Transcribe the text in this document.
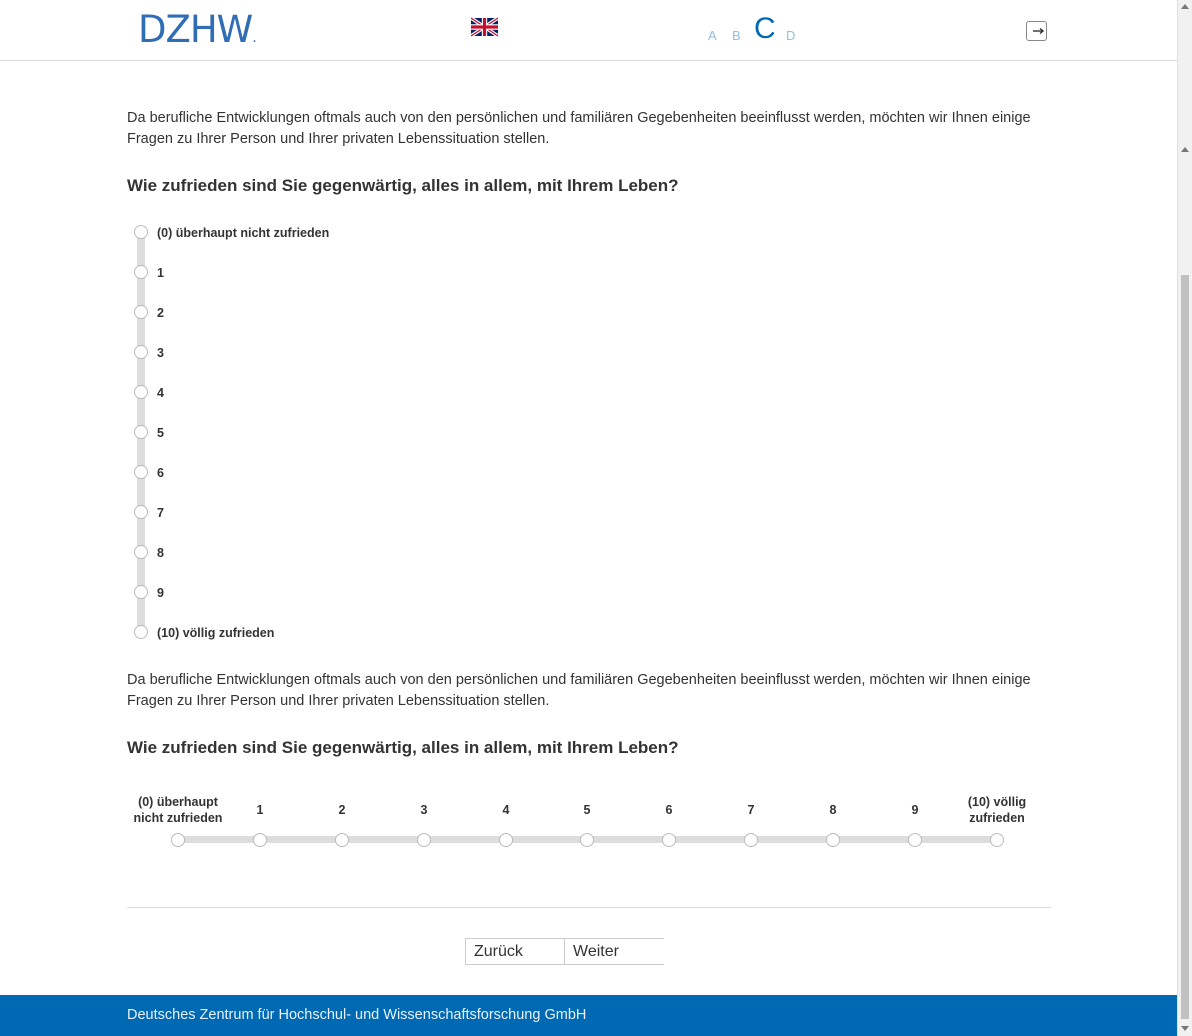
DZHW.	A B C D
Da berufliche Entwicklungen oftmals auch von den persönlichen und familiären Gegebenheiten beeinflusst werden, möchten wir Ihnen einige Fragen zu Ihrer Person und Ihrer privaten Lebenssituation stellen.
Wie zufrieden sind Sie gegenwärtig, alles in allem, mit Ihrem Leben?
(0) überhaupt nicht zufrieden
1
2
3
4
5
6
7
8
9
(10) völlig zufrieden
Da berufliche Entwicklungen oftmals auch von den persönlichen und familiären Gegebenheiten beeinflusst werden, möchten wir Ihnen einige Fragen zu Ihrer Person und Ihrer privaten Lebenssituation stellen.
Wie zufrieden sind Sie gegenwärtig, alles in allem, mit Ihrem Leben?
(0) überhaupt nicht zufrieden
1	2	3	4	5	6	7	8	9
(10) völlig zufrieden
Zurück	Weiter
Deutsches Zentrum für Hochschul- und Wissenschaftsforschung GmbH
